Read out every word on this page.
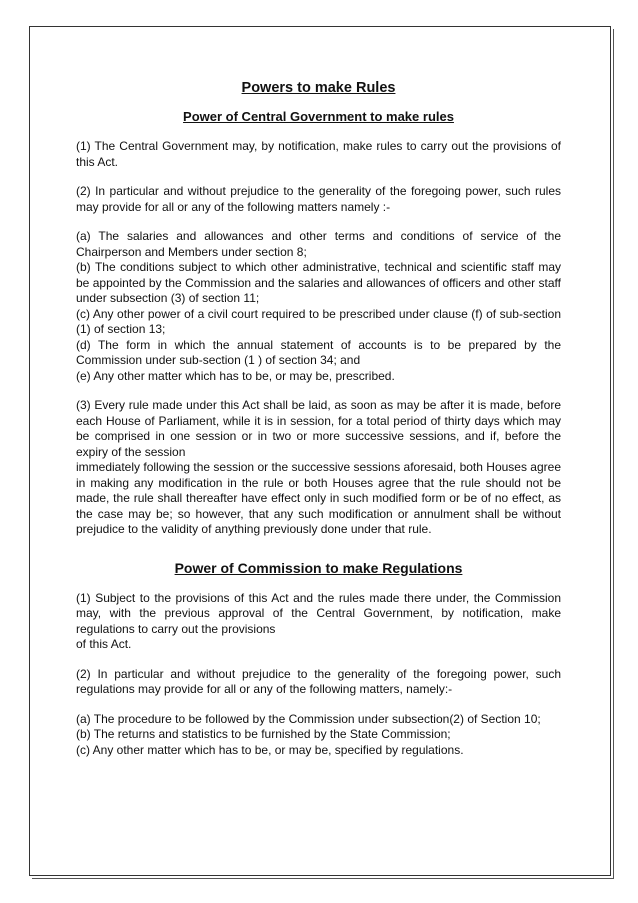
Powers to make Rules
Power of Central Government to make rules

(1) The Central Government may, by notification, make rules to carry out the provisions of this Act.

(2) In particular and without prejudice to the generality of the foregoing power, such rules may provide for all or any of the following matters namely :-

(a) The salaries and allowances and other terms and conditions of service of the Chairperson and Members under section 8;
(b) The conditions subject to which other administrative, technical and scientific staff may be appointed by the Commission and the salaries and allowances of officers and other staff under subsection (3) of section 11;
(c) Any other power of a civil court required to be prescribed under clause (f) of sub-section (1) of section 13;
(d) The form in which the annual statement of accounts is to be prepared by the Commission under sub-section (1 ) of section 34; and
(e) Any other matter which has to be, or may be, prescribed.

(3) Every rule made under this Act shall be laid, as soon as may be after it is made, before each House of Parliament, while it is in session, for a total period of thirty days which may be comprised in one session or in two or more successive sessions, and if, before the expiry of the session
immediately following the session or the successive sessions aforesaid, both Houses agree in making any modification in the rule or both Houses agree that the rule should not be made, the rule shall thereafter have effect only in such modified form or be of no effect, as the case may be; so however, that any such modification or annulment shall be without prejudice to the validity of anything previously done under that rule.

Power of Commission to make Regulations

(1) Subject to the provisions of this Act and the rules made there under, the Commission may, with the previous approval of the Central Government, by notification, make regulations to carry out the provisions
of this Act.

(2) In particular and without prejudice to the generality of the foregoing power, such regulations may provide for all or any of the following matters, namely:-

(a) The procedure to be followed by the Commission under subsection(2) of Section 10;
(b) The returns and statistics to be furnished by the State Commission;
(c) Any other matter which has to be, or may be, specified by regulations.
